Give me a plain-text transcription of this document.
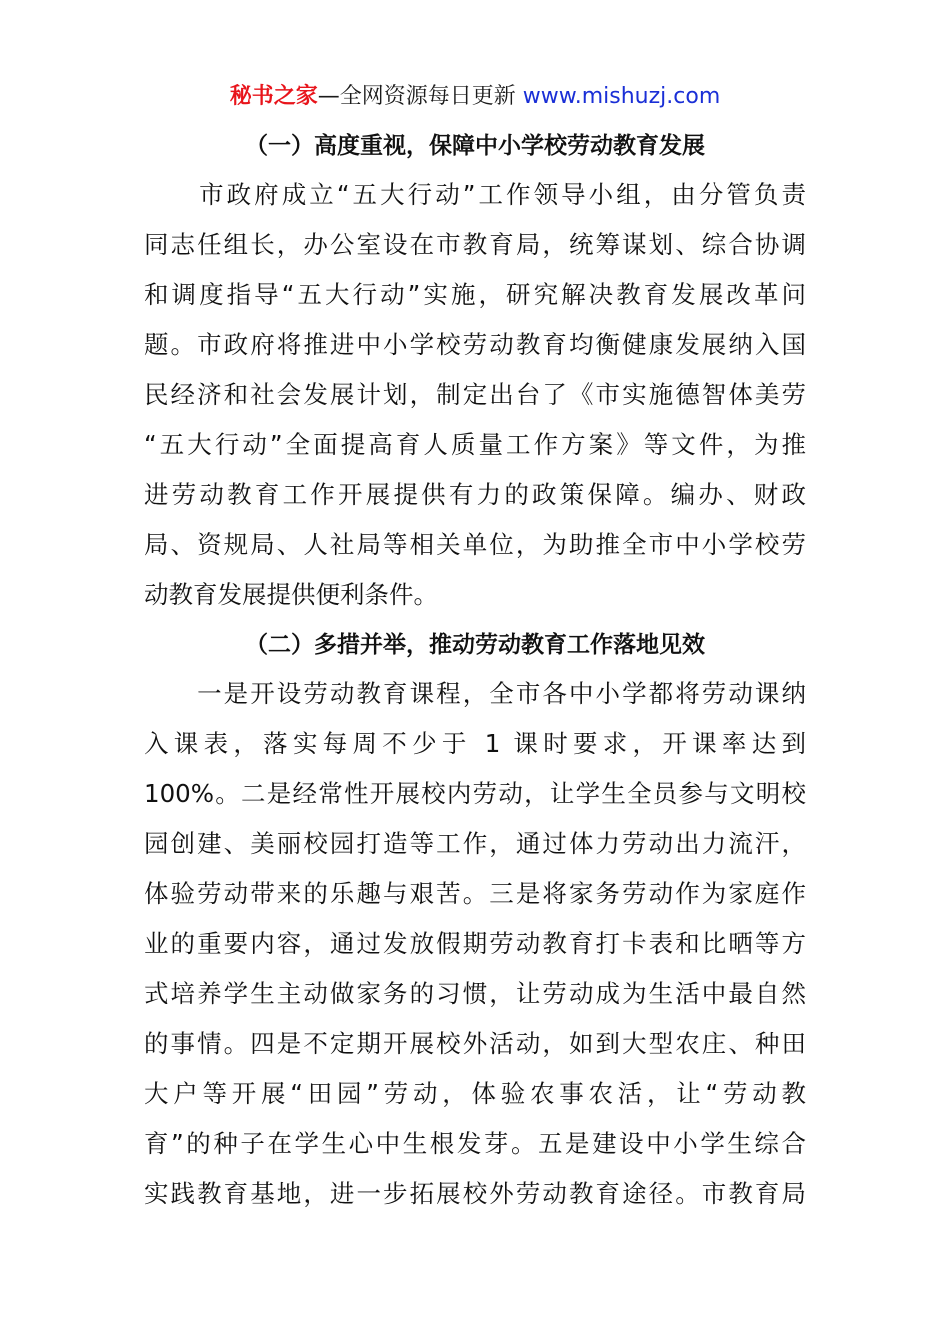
秘书之家—全网资源每日更新 www.mishuzj.com
（一）高度重视，保障中小学校劳动教育发展
　　市政府成立“五大行动”工作领导小组，由分管负责
同志任组长，办公室设在市教育局，统筹谋划、综合协调
和调度指导“五大行动”实施，研究解决教育发展改革问
题。市政府将推进中小学校劳动教育均衡健康发展纳入国
民经济和社会发展计划，制定出台了《市实施德智体美劳
“五大行动”全面提高育人质量工作方案》等文件，为推
进劳动教育工作开展提供有力的政策保障。编办、财政
局、资规局、人社局等相关单位，为助推全市中小学校劳
动教育发展提供便利条件。
（二）多措并举，推动劳动教育工作落地见效
　　一是开设劳动教育课程，全市各中小学都将劳动课纳
入课表，落实每周不少于 1 课时要求，开课率达到
100%。二是经常性开展校内劳动，让学生全员参与文明校
园创建、美丽校园打造等工作，通过体力劳动出力流汗，
体验劳动带来的乐趣与艰苦。三是将家务劳动作为家庭作
业的重要内容，通过发放假期劳动教育打卡表和比晒等方
式培养学生主动做家务的习惯，让劳动成为生活中最自然
的事情。四是不定期开展校外活动，如到大型农庄、种田
大户等开展“田园”劳动，体验农事农活，让“劳动教
育”的种子在学生心中生根发芽。五是建设中小学生综合
实践教育基地，进一步拓展校外劳动教育途径。市教育局
